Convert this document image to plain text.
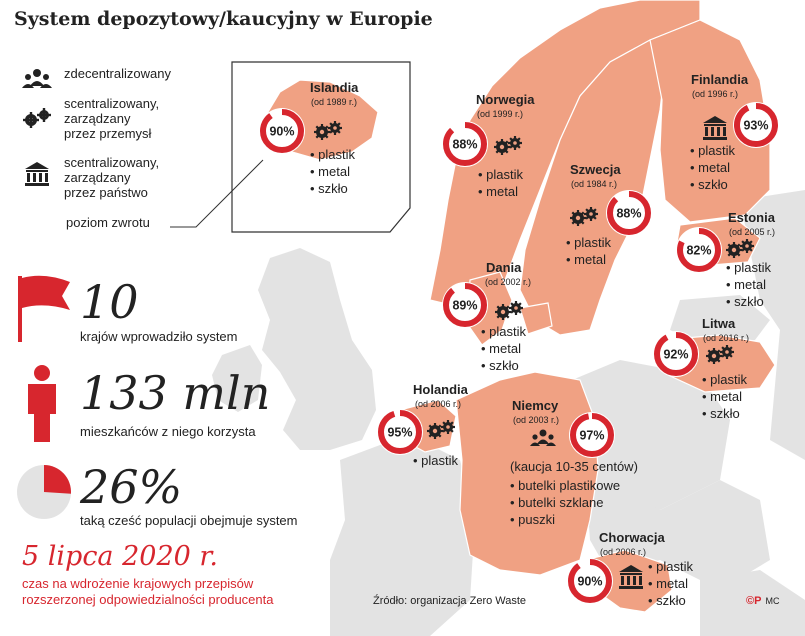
System depozytowy/kaucyjny w Europie
zdecentralizowany
scentralizowany,
zarządzany
przez przemysł
scentralizowany,
zarządzany
przez państwo
poziom zwrotu
10
krajów wprowadziło system
133 mln
mieszkańców z niego korzysta
26%
taką cześć populacji obejmuje system
5 lipca 2020 r.
czas na wdrożenie krajowych przepisów
rozszerzonej odpowiedzialności producenta
90%
88%
88%
93%
82%
89%
92%
95%	97%
90%
Islandia
(od 1989 r.)
• plastik
• metal
• szkło
Norwegia
(od 1999 r.)
• plastik
• metal
Szwecja
(od 1984 r.)
• plastik
• metal
Finlandia
(od 1996 r.)
• plastik
• metal
• szkło
Estonia
(od 2005 r.)
• plastik
• metal
• szkło
Dania
(od 2002 r.)
• plastik
• metal
• szkło
Litwa
(od 2016 r.)
• plastik
• metal
• szkło
Holandia
(od 2006 r.)
• plastik
Niemcy
(od 2003 r.)
(kaucja 10-35 centów)
• butelki plastikowe
• butelki szklane
• puszki
Chorwacja
(od 2006 r.)
• plastik
• metal
• szkło
Źródło: organizacja Zero Waste	©P MC
